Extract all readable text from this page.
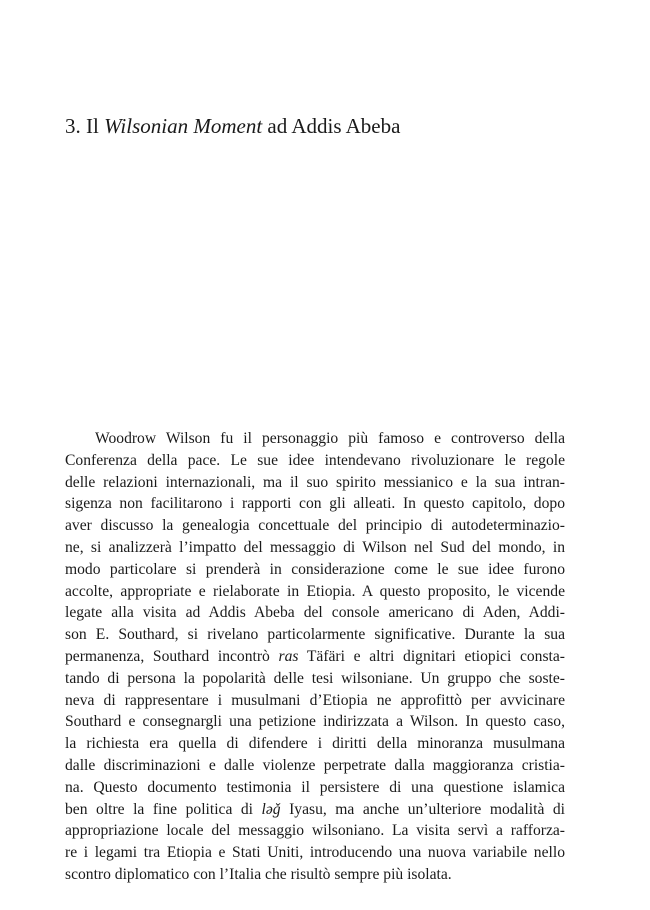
3. Il Wilsonian Moment ad Addis Abeba
Woodrow Wilson fu il personaggio più famoso e controverso della
Conferenza della pace. Le sue idee intendevano rivoluzionare le regole
delle relazioni internazionali, ma il suo spirito messianico e la sua intran-
sigenza non facilitarono i rapporti con gli alleati. In questo capitolo, dopo
aver discusso la genealogia concettuale del principio di autodeterminazio-
ne, si analizzerà l’impatto del messaggio di Wilson nel Sud del mondo, in
modo particolare si prenderà in considerazione come le sue idee furono
accolte, appropriate e rielaborate in Etiopia. A questo proposito, le vicende
legate alla visita ad Addis Abeba del console americano di Aden, Addi-
son E. Southard, si rivelano particolarmente significative. Durante la sua
permanenza, Southard incontrò ras Täfäri e altri dignitari etiopici consta-
tando di persona la popolarità delle tesi wilsoniane. Un gruppo che soste-
neva di rappresentare i musulmani d’Etiopia ne approfittò per avvicinare
Southard e consegnargli una petizione indirizzata a Wilson. In questo caso,
la richiesta era quella di difendere i diritti della minoranza musulmana
dalle discriminazioni e dalle violenze perpetrate dalla maggioranza cristia-
na. Questo documento testimonia il persistere di una questione islamica
ben oltre la fine politica di ləǧ Iyasu, ma anche un’ulteriore modalità di
appropriazione locale del messaggio wilsoniano. La visita servì a rafforza-
re i legami tra Etiopia e Stati Uniti, introducendo una nuova variabile nello
scontro diplomatico con l’Italia che risultò sempre più isolata.
